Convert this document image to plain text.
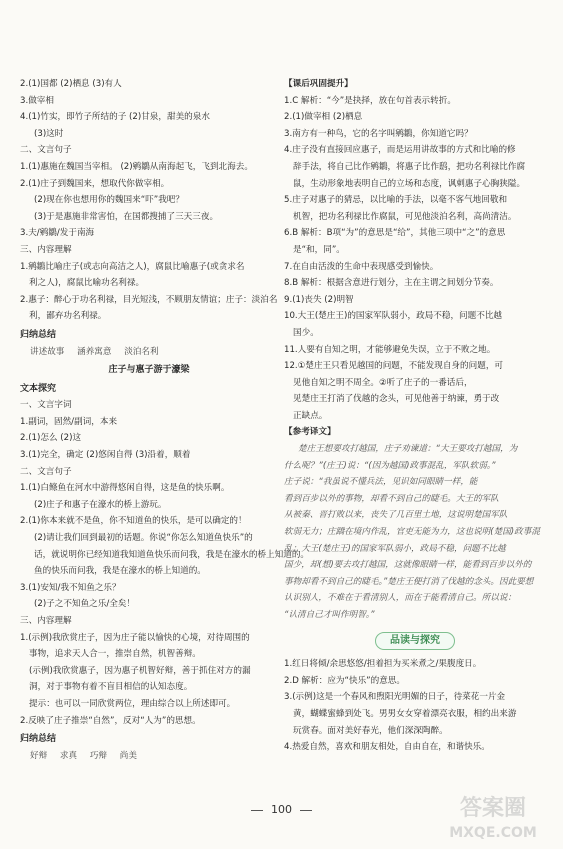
2.(1)国都 (2)栖息 (3)有人
3.做宰相
4.(1)竹实，即竹子所结的子 (2)甘泉，甜美的泉水
(3)这时
二、文言句子
1.(1)惠施在魏国当宰相。 (2)鹓鶵从南海起飞，飞到北海去。
2.(1)庄子到魏国来，想取代你做宰相。
(2)现在你也想用你的魏国来“吓”我吧？
(3)于是惠施非常害怕，在国都搜捕了三天三夜。
3.夫/鹓鶵/发于南海
三、内容理解
1.鹓鶵比喻庄子(或志向高洁之人)，腐鼠比喻惠子(或贪求名
利之人)，腐鼠比喻功名利禄。
2.惠子：醉心于功名利禄，目光短浅，不顾朋友情谊；庄子：淡泊名
利，鄙弃功名利禄。
归纳总结
讲述故事 涵养寓意 淡泊名利
庄子与惠子游于濠梁
文本探究
一、文言字词
1.副词，固然/副词，本来
2.(1)怎么 (2)这
3.(1)完全，确定 (2)悠闲自得 (3)沿着，顺着
二、文言句子
1.(1)白鲦鱼在河水中游得悠闲自得，这是鱼的快乐啊。
(2)庄子和惠子在濠水的桥上游玩。
2.(1)你本来就不是鱼，你不知道鱼的快乐，是可以确定的！
(2)请让我们回到最初的话题。你说“你怎么知道鱼快乐”的
话，就说明你已经知道我知道鱼快乐而问我，我是在濠水的桥上知道的。
鱼的快乐而问我，我是在濠水的桥上知道的。
3.(1)安知/我不知鱼之乐？
(2)子之不知鱼之乐/全矣！
三、内容理解
1.(示例)我欣赏庄子，因为庄子能以愉快的心境，对待周围的
事物，追求天人合一，推崇自然，机智善辩。
(示例)我欣赏惠子，因为惠子机智好辩，善于抓住对方的漏
洞，对于事物有着不盲目相信的认知态度。
提示：也可以一同欣赏两位，理由综合以上所述即可。
2.反映了庄子推崇“自然”，反对“人为”的思想。
归纳总结
好辩 求真 巧辩 尚美
【课后巩固提升】
1.C 解析：“今”是抉择，放在句首表示转折。
2.(1)做宰相 (2)栖息
3.南方有一种鸟，它的名字叫鹓鶵，你知道它吗？
4.庄子没有直接回应惠子，而是运用讲故事的方式和比喻的修
辞手法，将自己比作鹓鶵，将惠子比作鸱，把功名利禄比作腐
鼠，生动形象地表明自己的立场和态度，讽刺惠子心胸狭隘。
5.庄子对惠子的猜忌，以比喻的手法，以毫不客气地回敬和
机智，把功名利禄比作腐鼠，可见他淡泊名利，高尚清洁。
6.B 解析：B项“为”的意思是“给”，其他三项中“之”的意思
是“和，同”。
7.在自由活泼的生命中表现感受到愉快。
8.B 解析：根据含意进行划分，主在主谓之间划分节奏。
9.(1)丧失 (2)明智
10.大王(楚庄王)的国家军队弱小，政局不稳，问题不比越
国少。
11.人要有自知之明，才能够避免失误，立于不败之地。
12.①楚庄王只看见越国的问题，不能发现自身的问题，可
见他自知之明不周全。②听了庄子的一番话后，
见楚庄王打消了伐越的念头，可见他善于纳谏，勇于改
正缺点。
【参考译文】
楚庄王想要攻打越国，庄子劝谏道：“大王要攻打越国，为
什么呢？”(庄王)说：“(因为越国)政事混乱，军队软弱。”
庄子说：“我虽说不懂兵法，见识如同眼睛一样，能
看到百步以外的事物，却看不到自己的睫毛。大王的军队
从被秦、晋打败以来，丧失了几百里土地，这说明楚国军队
软弱无力；庄蹻在境内作乱，官吏无能为力，这也说明(楚国)政事混
乱；大王(楚庄王)的国家军队弱小，政局不稳，问题不比越
国少，却(想)要去攻打越国，这就像眼睛一样，能看到百步以外的
事物却看不到自己的睫毛。”楚庄王便打消了伐越的念头。因此要想
认识别人，不难在于看清别人，而在于能看清自己。所以说：
“认清自己才叫作明智。”
品读与探究
1.红日将倾/余思悠悠/担着担为买米煮之/果腹度日。
2.D 解析：应为“快乐”的意思。
3.(示例)这是一个春风和煦阳光明媚的日子，待菜花一片金
黄，蝴蝶蜜蜂到处飞。男男女女穿着漂亮衣服，相约出来游
玩赏春。面对美好春光，他们深深陶醉。
4.热爱自然，喜欢和朋友相处，自由自在，和谐快乐。
100	答案圈
MXQE.COM
